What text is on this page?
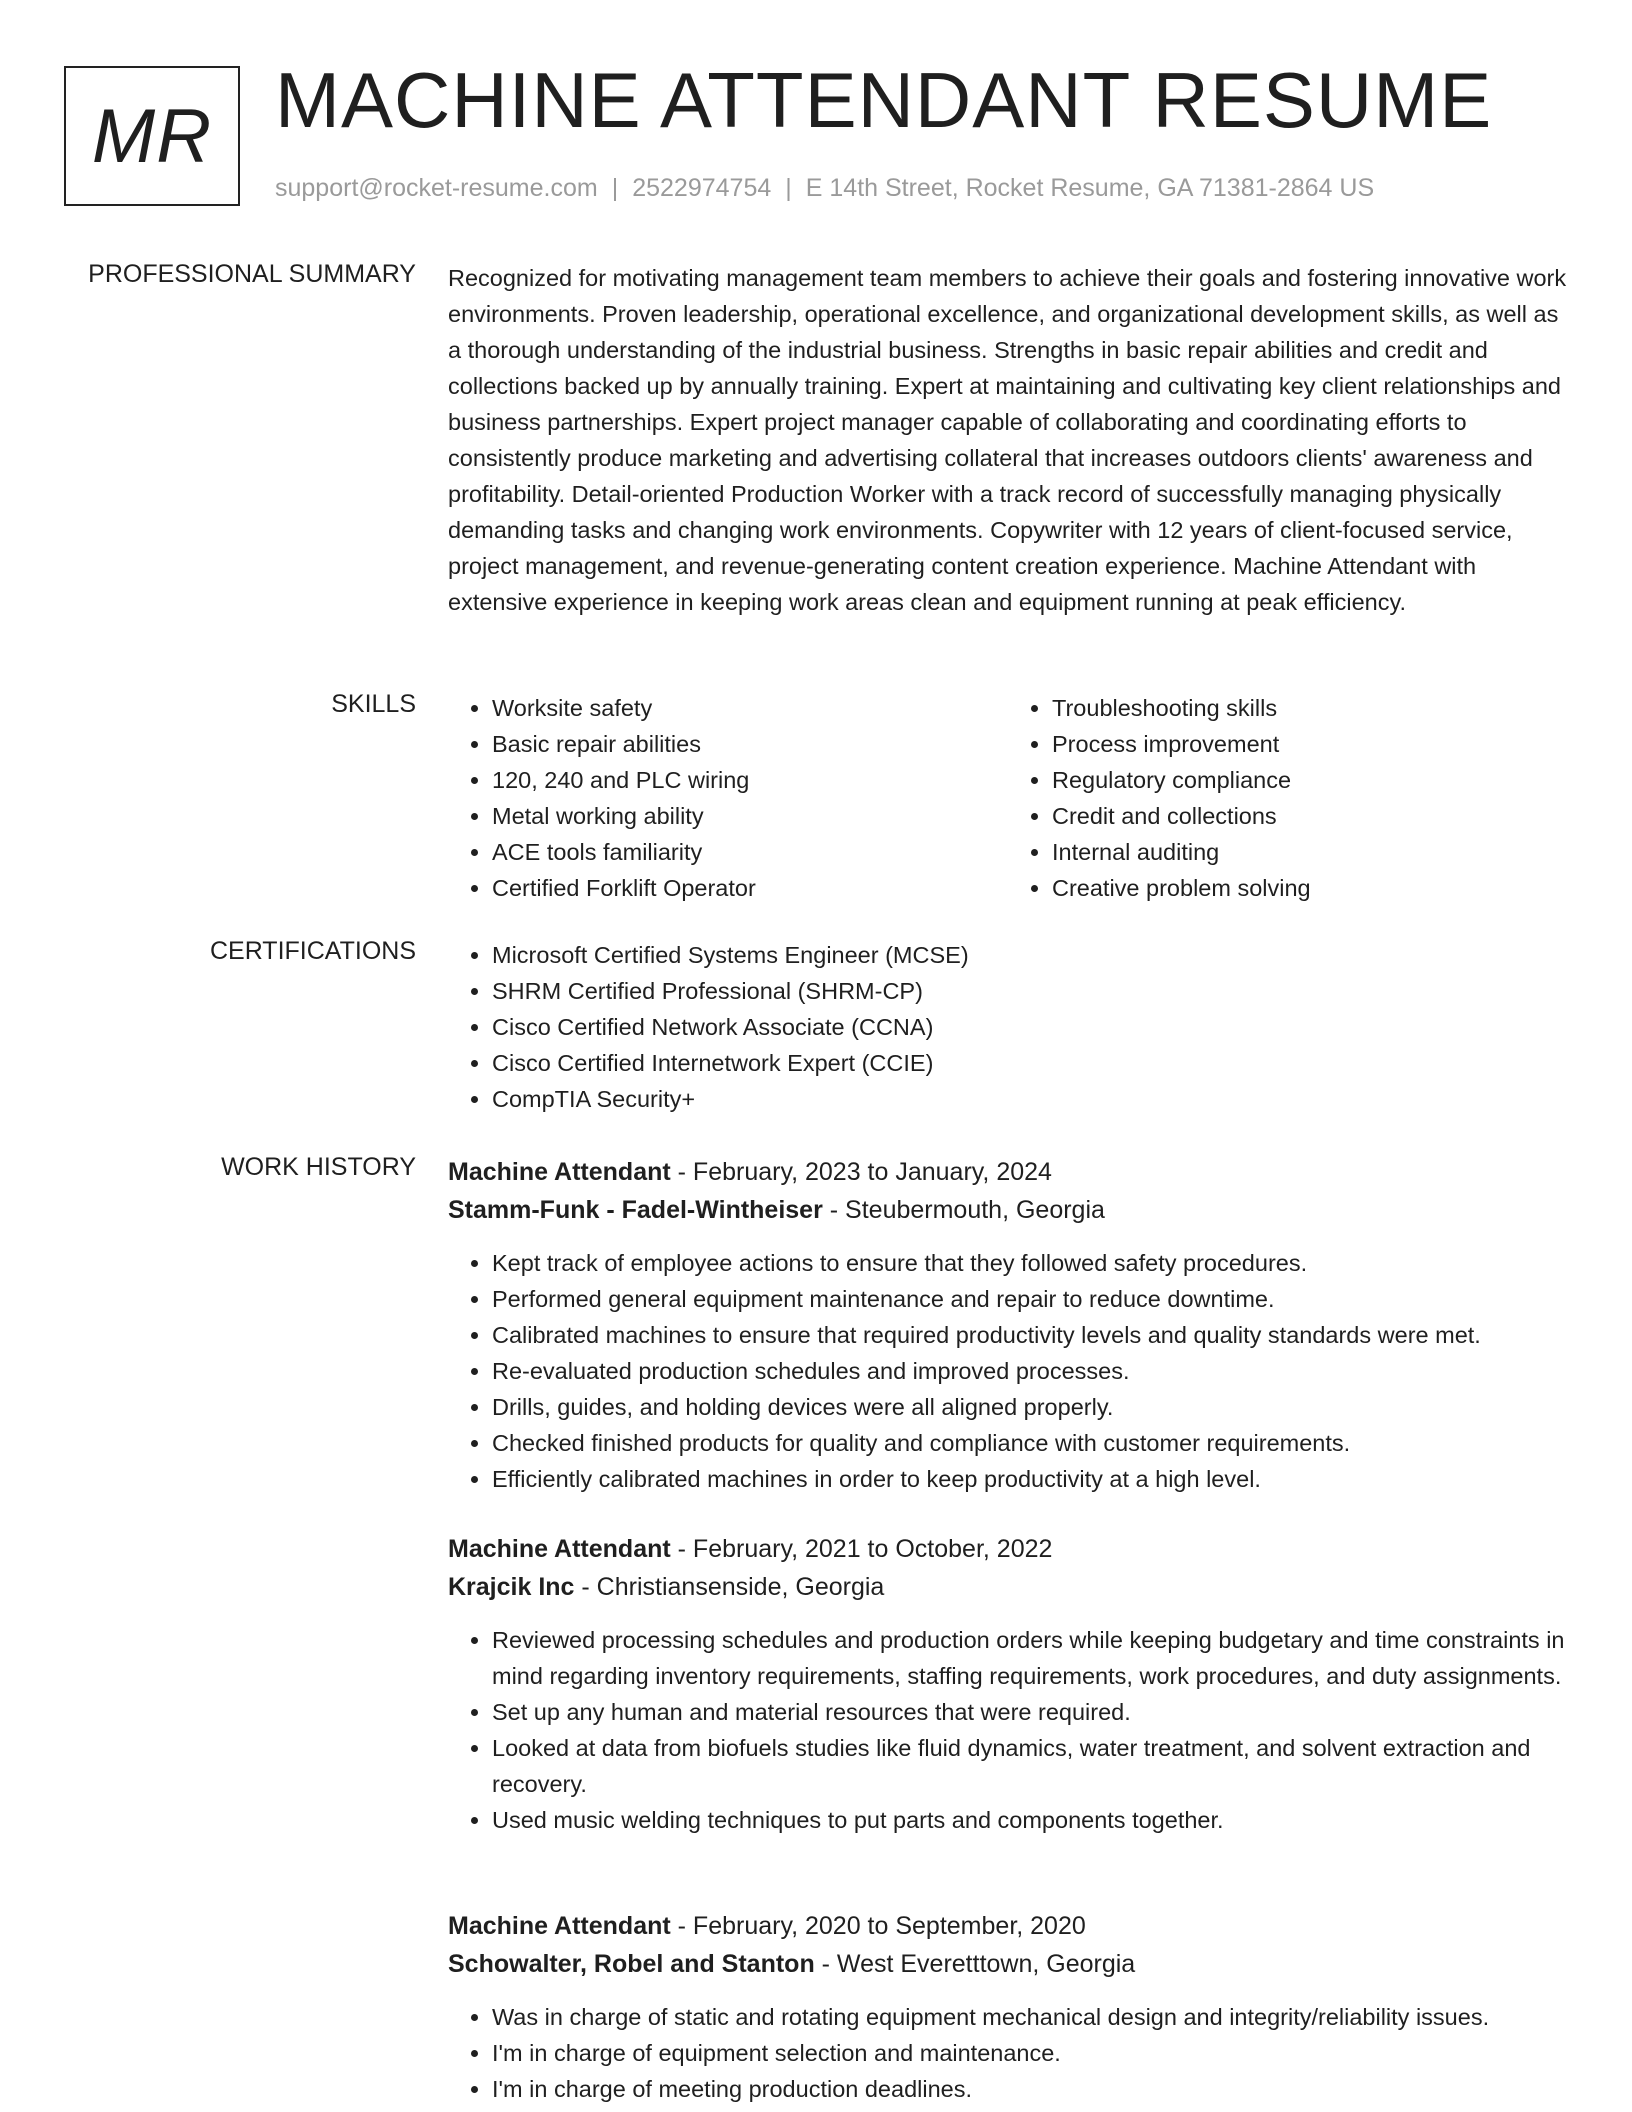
MR MACHINE ATTENDANT RESUME
support@rocket-resume.com | 2522974754 | E 14th Street, Rocket Resume, GA 71381-2864 US
PROFESSIONAL SUMMARY Recognized for motivating management team members to achieve their goals and fostering innovative work environments. Proven leadership, operational excellence, and organizational development skills, as well as a thorough understanding of the industrial business. Strengths in basic repair abilities and credit and collections backed up by annually training. Expert at maintaining and cultivating key client relationships and business partnerships. Expert project manager capable of collaborating and coordinating efforts to consistently produce marketing and advertising collateral that increases outdoors clients' awareness and profitability. Detail-oriented Production Worker with a track record of successfully managing physically demanding tasks and changing work environments. Copywriter with 12 years of client-focused service, project management, and revenue-generating content creation experience. Machine Attendant with extensive experience in keeping work areas clean and equipment running at peak efficiency.
SKILLS	• Worksite safety
• Basic repair abilities
• 120, 240 and PLC wiring
• Metal working ability
• ACE tools familiarity
• Certified Forklift Operator
• Troubleshooting skills
• Process improvement
• Regulatory compliance
• Credit and collections
• Internal auditing
• Creative problem solving
CERTIFICATIONS	• Microsoft Certified Systems Engineer (MCSE)
• SHRM Certified Professional (SHRM-CP)
• Cisco Certified Network Associate (CCNA)
• Cisco Certified Internetwork Expert (CCIE)
• CompTIA Security+
WORK HISTORY Machine Attendant - February, 2023 to January, 2024
Stamm-Funk - Fadel-Wintheiser - Steubermouth, Georgia
• Kept track of employee actions to ensure that they followed safety procedures.
• Performed general equipment maintenance and repair to reduce downtime.
• Calibrated machines to ensure that required productivity levels and quality standards were met.
• Re-evaluated production schedules and improved processes.
• Drills, guides, and holding devices were all aligned properly.
• Checked finished products for quality and compliance with customer requirements.
• Efficiently calibrated machines in order to keep productivity at a high level.
Machine Attendant - February, 2021 to October, 2022
Krajcik Inc - Christiansenside, Georgia
• Reviewed processing schedules and production orders while keeping budgetary and time constraints in mind regarding inventory requirements, staffing requirements, work procedures, and duty assignments.
• Set up any human and material resources that were required.
• Looked at data from biofuels studies like fluid dynamics, water treatment, and solvent extraction and recovery.
• Used music welding techniques to put parts and components together.
Machine Attendant - February, 2020 to September, 2020
Schowalter, Robel and Stanton - West Everetttown, Georgia
• Was in charge of static and rotating equipment mechanical design and integrity/reliability issues.
• I'm in charge of equipment selection and maintenance.
• I'm in charge of meeting production deadlines.
